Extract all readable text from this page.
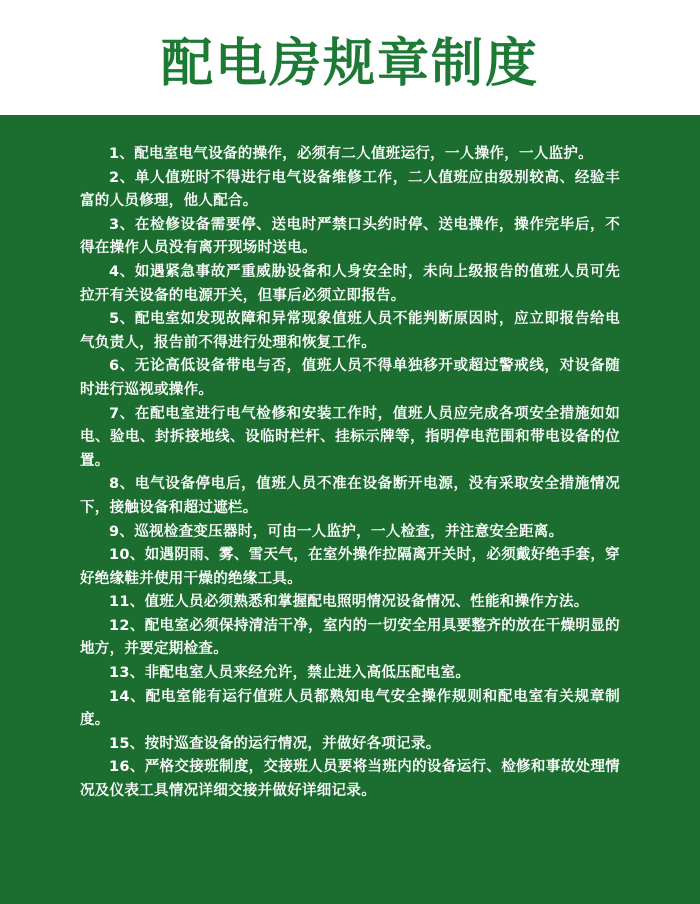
配电房规章制度
1、配电室电气设备的操作，必须有二人值班运行，一人操作，一人监护。
2、单人值班时不得进行电气设备维修工作，二人值班应由级别较高、经验丰富的人员修理，他人配合。
3、在检修设备需要停、送电时严禁口头约时停、送电操作，操作完毕后，不得在操作人员没有离开现场时送电。
4、如遇紧急事故严重威胁设备和人身安全时，未向上级报告的值班人员可先拉开有关设备的电源开关，但事后必须立即报告。
5、配电室如发现故障和异常现象值班人员不能判断原因时，应立即报告给电气负责人，报告前不得进行处理和恢复工作。
6、无论高低设备带电与否，值班人员不得单独移开或超过警戒线，对设备随时进行巡视或操作。
7、在配电室进行电气检修和安装工作时，值班人员应完成各项安全措施如如电、验电、封拆接地线、设临时栏杆、挂标示牌等，指明停电范围和带电设备的位置。
8、电气设备停电后，值班人员不准在设备断开电源，没有采取安全措施情况下，接触设备和超过遮栏。
9、巡视检查变压器时，可由一人监护，一人检查，并注意安全距离。
10、如遇阴雨、雾、雪天气，在室外操作拉隔离开关时，必须戴好绝手套，穿好绝缘鞋并使用干燥的绝缘工具。
11、值班人员必须熟悉和掌握配电照明情况设备情况、性能和操作方法。
12、配电室必须保持清洁干净，室内的一切安全用具要整齐的放在干燥明显的地方，并要定期检查。
13、非配电室人员来经允许，禁止进入高低压配电室。
14、配电室能有运行值班人员都熟知电气安全操作规则和配电室有关规章制度。
15、按时巡查设备的运行情况，并做好各项记录。
16、严格交接班制度，交接班人员要将当班内的设备运行、检修和事故处理情况及仪表工具情况详细交接并做好详细记录。
